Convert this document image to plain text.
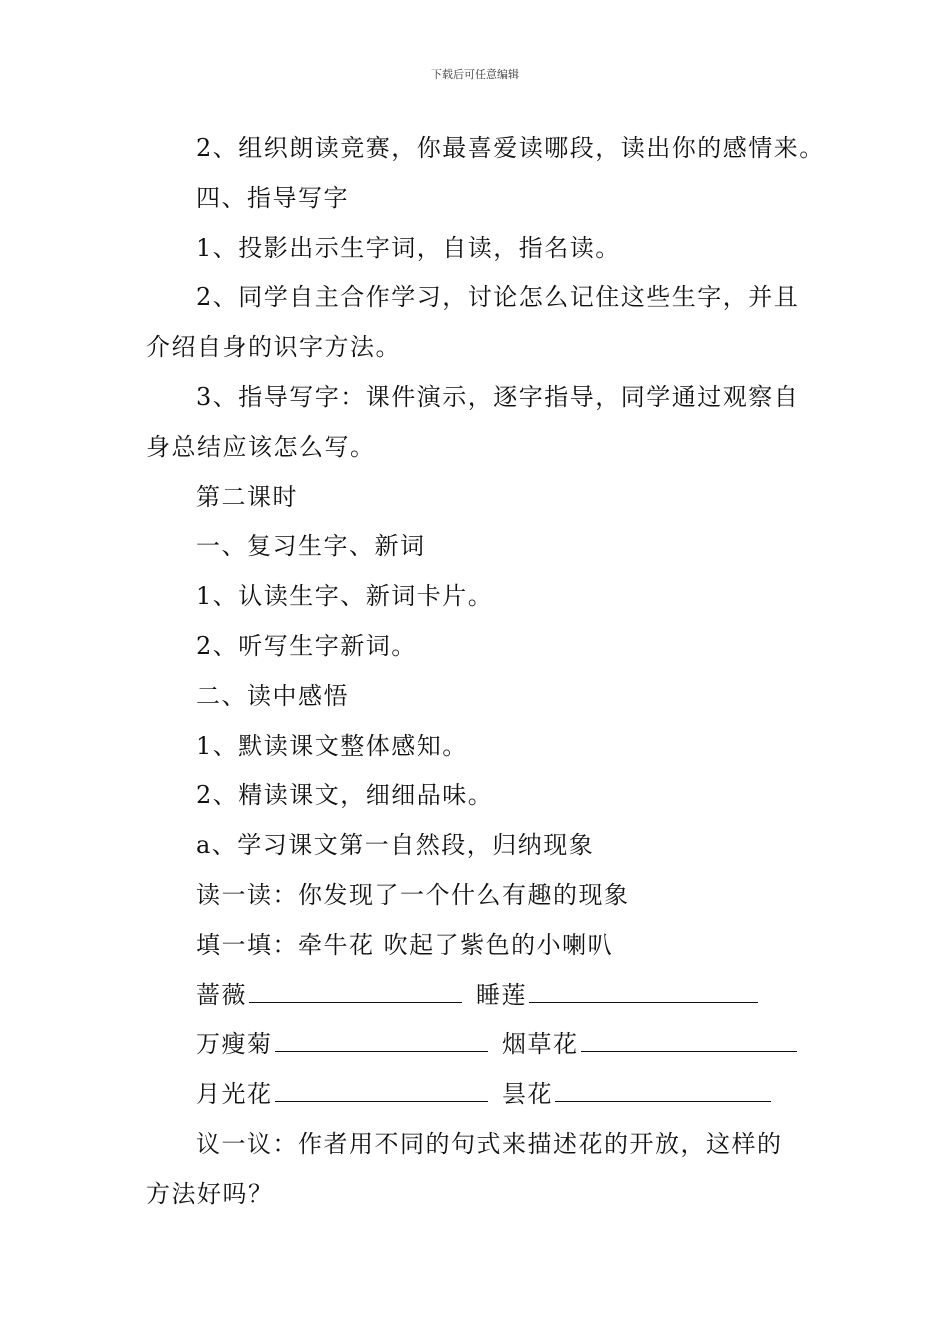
下载后可任意编辑
2、组织朗读竞赛，你最喜爱读哪段，读出你的感情来。
四、指导写字
1、投影出示生字词，自读，指名读。
2、同学自主合作学习，讨论怎么记住这些生字，并且
介绍自身的识字方法。
3、指导写字：课件演示，逐字指导，同学通过观察自
身总结应该怎么写。
第二课时
一、复习生字、新词
1、认读生字、新词卡片。
2、听写生字新词。
二、读中感悟
1、默读课文整体感知。
2、精读课文，细细品味。
a、学习课文第一自然段，归纳现象
读一读：你发现了一个什么有趣的现象
填一填：牵牛花 吹起了紫色的小喇叭
蔷薇	睡莲
万瘦菊	烟草花
月光花	昙花
议一议：作者用不同的句式来描述花的开放，这样的
方法好吗？
